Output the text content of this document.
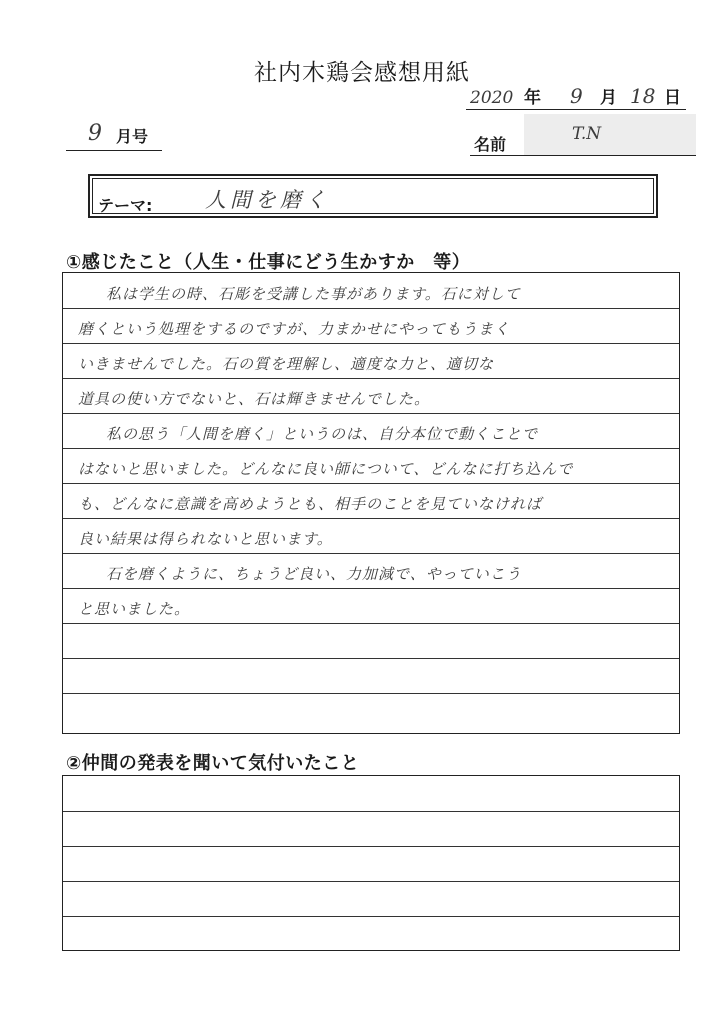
社内木鶏会感想用紙
2020 年 9 月 18 日
9 月号	名前
T.N
テーマ:	人間を磨く
①感じたこと（人生・仕事にどう生かすか　等）
私は学生の時、石彫を受講した事があります。石に対して
磨くという処理をするのですが、力まかせにやってもうまく
いきませんでした。石の質を理解し、適度な力と、適切な
道具の使い方でないと、石は輝きませんでした。
私の思う「人間を磨く」というのは、自分本位で動くことで
はないと思いました。どんなに良い師について、どんなに打ち込んで
も、どんなに意識を高めようとも、相手のことを見ていなければ
良い結果は得られないと思います。
石を磨くように、ちょうど良い、力加減で、やっていこう
と思いました。
②仲間の発表を聞いて気付いたこと
